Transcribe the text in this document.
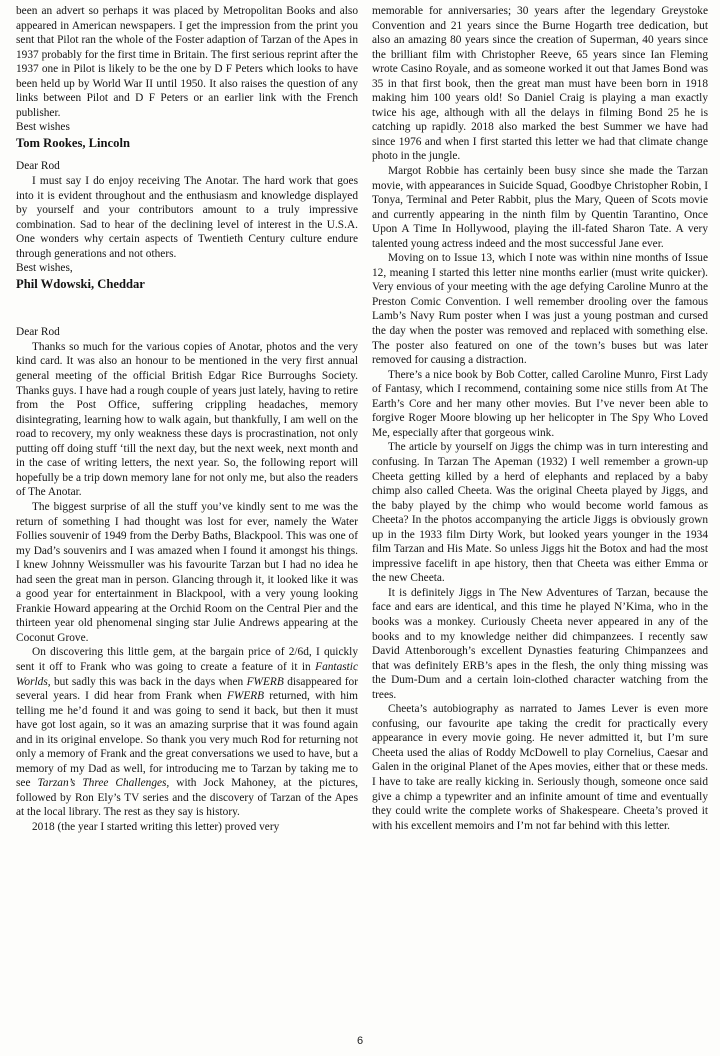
been an advert so perhaps it was placed by Metropolitan Books and also appeared in American newspapers. I get the impression from the print you sent that Pilot ran the whole of the Foster adaption of Tarzan of the Apes in 1937 probably for the first time in Britain. The first serious reprint after the 1937 one in Pilot is likely to be the one by D F Peters which looks to have been held up by World War II until 1950. It also raises the question of any links between Pilot and D F Peters or an earlier link with the French publisher.

Best wishes

Tom Rookes, Lincoln

Dear Rod

I must say I do enjoy receiving The Anotar. The hard work that goes into it is evident throughout and the enthusiasm and knowledge displayed by yourself and your contributors amount to a truly impressive combination. Sad to hear of the declining level of interest in the U.S.A. One wonders why certain aspects of Twentieth Century culture endure through generations and not others.

Best wishes,

Phil Wdowski, Cheddar

Dear Rod

Thanks so much for the various copies of Anotar, photos and the very kind card. It was also an honour to be mentioned in the very first annual general meeting of the official British Edgar Rice Burroughs Society. Thanks guys. I have had a rough couple of years just lately, having to retire from the Post Office, suffering crippling headaches, memory disintegrating, learning how to walk again, but thankfully, I am well on the road to recovery, my only weakness these days is procrastination, not only putting off doing stuff ‘till the next day, but the next week, next month and in the case of writing letters, the next year. So, the following report will hopefully be a trip down memory lane for not only me, but also the readers of The Anotar.

The biggest surprise of all the stuff you’ve kindly sent to me was the return of something I had thought was lost for ever, namely the Water Follies souvenir of 1949 from the Derby Baths, Blackpool. This was one of my Dad’s souvenirs and I was amazed when I found it amongst his things. I knew Johnny Weissmuller was his favourite Tarzan but I had no idea he had seen the great man in person. Glancing through it, it looked like it was a good year for entertainment in Blackpool, with a very young looking Frankie Howard appearing at the Orchid Room on the Central Pier and the thirteen year old phenomenal singing star Julie Andrews appearing at the Coconut Grove.

On discovering this little gem, at the bargain price of 2/6d, I quickly sent it off to Frank who was going to create a feature of it in Fantastic Worlds, but sadly this was back in the days when FWERB disappeared for several years. I did hear from Frank when FWERB returned, with him telling me he’d found it and was going to send it back, but then it must have got lost again, so it was an amazing surprise that it was found again and in its original envelope. So thank you very much Rod for returning not only a memory of Frank and the great conversations we used to have, but a memory of my Dad as well, for introducing me to Tarzan by taking me to see Tarzan’s Three Challenges, with Jock Mahoney, at the pictures, followed by Ron Ely’s TV series and the discovery of Tarzan of the Apes at the local library. The rest as they say is history.

2018 (the year I started writing this letter) proved very

memorable for anniversaries; 30 years after the legendary Greystoke Convention and 21 years since the Burne Hogarth tree dedication, but also an amazing 80 years since the creation of Superman, 40 years since the brilliant film with Christopher Reeve, 65 years since Ian Fleming wrote Casino Royale, and as someone worked it out that James Bond was 35 in that first book, then the great man must have been born in 1918 making him 100 years old! So Daniel Craig is playing a man exactly twice his age, although with all the delays in filming Bond 25 he is catching up rapidly. 2018 also marked the best Summer we have had since 1976 and when I first started this letter we had that climate change photo in the jungle.

Margot Robbie has certainly been busy since she made the Tarzan movie, with appearances in Suicide Squad, Goodbye Christopher Robin, I Tonya, Terminal and Peter Rabbit, plus the Mary, Queen of Scots movie and currently appearing in the ninth film by Quentin Tarantino, Once Upon A Time In Hollywood, playing the ill-fated Sharon Tate. A very talented young actress indeed and the most successful Jane ever.

Moving on to Issue 13, which I note was within nine months of Issue 12, meaning I started this letter nine months earlier (must write quicker). Very envious of your meeting with the age defying Caroline Munro at the Preston Comic Convention. I well remember drooling over the famous Lamb’s Navy Rum poster when I was just a young postman and cursed the day when the poster was removed and replaced with something else. The poster also featured on one of the town’s buses but was later removed for causing a distraction.

There’s a nice book by Bob Cotter, called Caroline Munro, First Lady of Fantasy, which I recommend, containing some nice stills from At The Earth’s Core and her many other movies. But I’ve never been able to forgive Roger Moore blowing up her helicopter in The Spy Who Loved Me, especially after that gorgeous wink.

The article by yourself on Jiggs the chimp was in turn interesting and confusing. In Tarzan The Apeman (1932) I well remember a grown-up Cheeta getting killed by a herd of elephants and replaced by a baby chimp also called Cheeta. Was the original Cheeta played by Jiggs, and the baby played by the chimp who would become world famous as Cheeta? In the photos accompanying the article Jiggs is obviously grown up in the 1933 film Dirty Work, but looked years younger in the 1934 film Tarzan and His Mate. So unless Jiggs hit the Botox and had the most impressive facelift in ape history, then that Cheeta was either Emma or the new Cheeta.

It is definitely Jiggs in The New Adventures of Tarzan, because the face and ears are identical, and this time he played N’Kima, who in the books was a monkey. Curiously Cheeta never appeared in any of the books and to my knowledge neither did chimpanzees. I recently saw David Attenborough’s excellent Dynasties featuring Chimpanzees and that was definitely ERB’s apes in the flesh, the only thing missing was the Dum-Dum and a certain loin-clothed character watching from the trees.

Cheeta’s autobiography as narrated to James Lever is even more confusing, our favourite ape taking the credit for practically every appearance in every movie going. He never admitted it, but I’m sure Cheeta used the alias of Roddy McDowell to play Cornelius, Caesar and Galen in the original Planet of the Apes movies, either that or these meds. I have to take are really kicking in. Seriously though, someone once said give a chimp a typewriter and an infinite amount of time and eventually they could write the complete works of Shakespeare. Cheeta’s proved it with his excellent memoirs and I’m not far behind with this letter.

6
